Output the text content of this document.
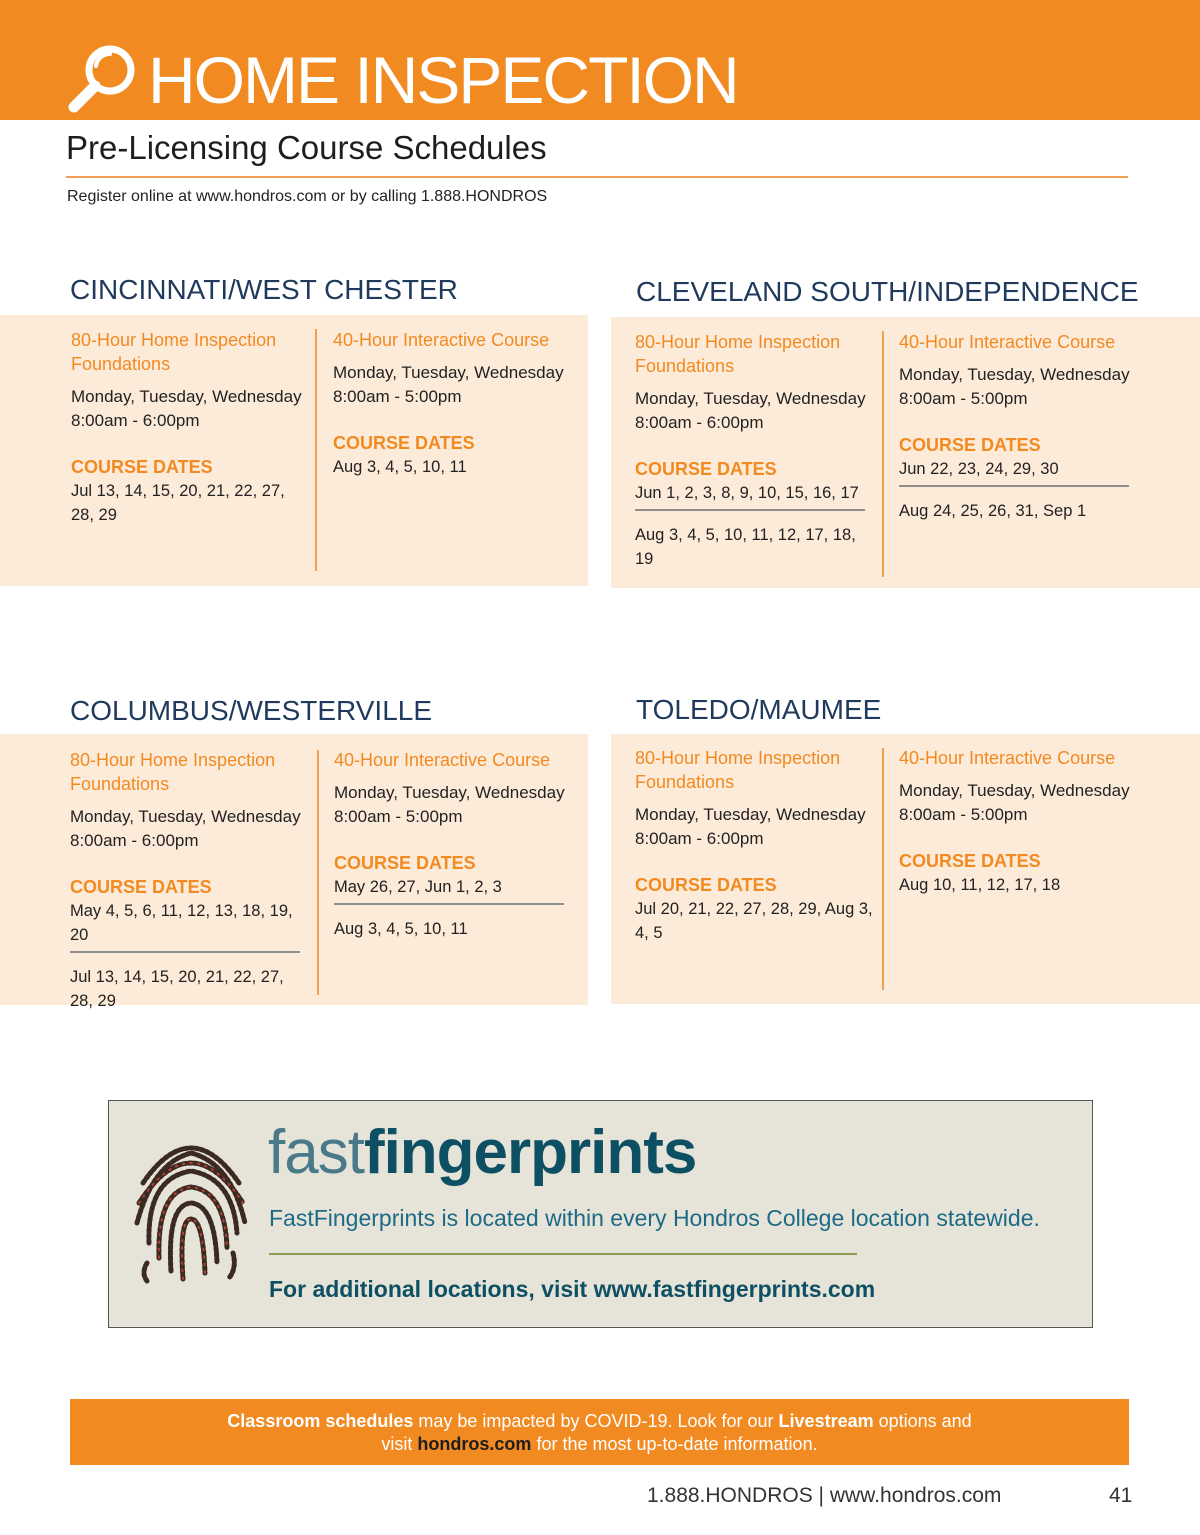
HOME INSPECTION
Pre-Licensing Course Schedules
Register online at www.hondros.com or by calling 1.888.HONDROS
CINCINNATI/WEST CHESTER
80-Hour Home Inspection Foundations
Monday, Tuesday, Wednesday
8:00am - 6:00pm
COURSE DATES
Jul 13, 14, 15, 20, 21, 22, 27, 28, 29
40-Hour Interactive Course
Monday, Tuesday, Wednesday
8:00am - 5:00pm
COURSE DATES
Aug 3, 4, 5, 10, 11
CLEVELAND SOUTH/INDEPENDENCE
80-Hour Home Inspection Foundations
Monday, Tuesday, Wednesday
8:00am - 6:00pm
COURSE DATES
Jun 1, 2, 3, 8, 9, 10, 15, 16, 17
Aug 3, 4, 5, 10, 11, 12, 17, 18, 19
40-Hour Interactive Course
Monday, Tuesday, Wednesday
8:00am - 5:00pm
COURSE DATES
Jun 22, 23, 24, 29, 30
Aug 24, 25, 26, 31, Sep 1
COLUMBUS/WESTERVILLE
80-Hour Home Inspection Foundations
Monday, Tuesday, Wednesday
8:00am - 6:00pm
COURSE DATES
May 4, 5, 6, 11, 12, 13, 18, 19, 20
Jul 13, 14, 15, 20, 21, 22, 27, 28, 29
40-Hour Interactive Course
Monday, Tuesday, Wednesday
8:00am - 5:00pm
COURSE DATES
May 26, 27, Jun 1, 2, 3
Aug 3, 4, 5, 10, 11
TOLEDO/MAUMEE
80-Hour Home Inspection Foundations
Monday, Tuesday, Wednesday
8:00am - 6:00pm
COURSE DATES
Jul 20, 21, 22, 27, 28, 29, Aug 3, 4, 5
40-Hour Interactive Course
Monday, Tuesday, Wednesday
8:00am - 5:00pm
COURSE DATES
Aug 10, 11, 12, 17, 18
fastfingerprints
FastFingerprints is located within every Hondros College location statewide.
For additional locations, visit www.fastfingerprints.com
Classroom schedules may be impacted by COVID-19. Look for our Livestream options and
visit hondros.com for the most up-to-date information.
1.888.HONDROS | www.hondros.com	41
